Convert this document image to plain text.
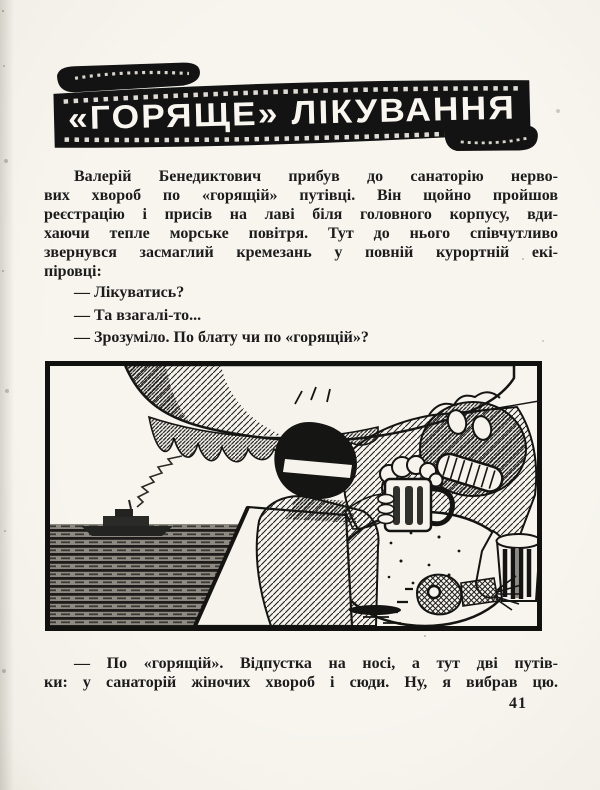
«ГОРЯЩЕ» ЛІКУВАННЯ
Валерій Бенедиктович прибув до санаторію нерво-
вих хвороб по «горящій» путівці. Він щойно пройшов
реєстрацію і присів на лаві біля головного корпусу, вди-
хаючи тепле морське повітря. Тут до нього співчутливо
звернувся засмаглий кремезань у повній курортній екі-
піровці:
— Лікуватись?
— Та взагалі-то...
— Зрозуміло. По блату чи по «горящій»?
— По «горящій». Відпустка на носі, а тут дві путів-
ки: у санаторій жіночих хвороб і сюди. Ну, я вибрав цю.
41
